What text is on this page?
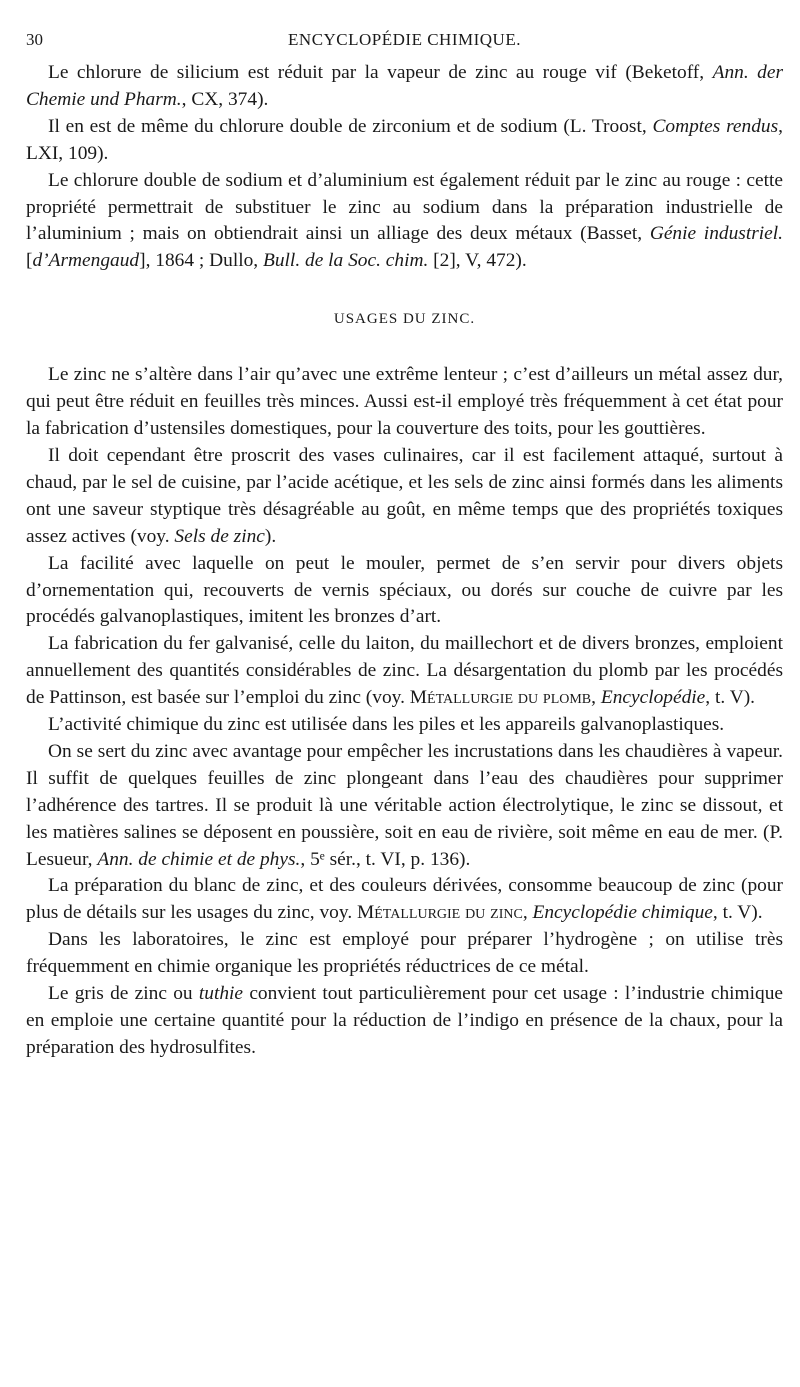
30	ENCYCLOPÉDIE CHIMIQUE.

Le chlorure de silicium est réduit par la vapeur de zinc au rouge vif (Beketoff, Ann. der Chemie und Pharm., CX, 374).

Il en est de même du chlorure double de zirconium et de sodium (L. Troost, Comptes rendus, LXI, 109).

Le chlorure double de sodium et d’aluminium est également réduit par le zinc au rouge : cette propriété permettrait de substituer le zinc au sodium dans la préparation industrielle de l’aluminium ; mais on obtiendrait ainsi un alliage des deux métaux (Basset, Génie industriel. [d’Armengaud], 1864 ; Dullo, Bull. de la Soc. chim. [2], V, 472).

USAGES DU ZINC.

Le zinc ne s’altère dans l’air qu’avec une extrême lenteur ; c’est d’ailleurs un métal assez dur, qui peut être réduit en feuilles très minces. Aussi est-il employé très fréquemment à cet état pour la fabrication d’ustensiles domestiques, pour la couverture des toits, pour les gouttières.

Il doit cependant être proscrit des vases culinaires, car il est facilement attaqué, surtout à chaud, par le sel de cuisine, par l’acide acétique, et les sels de zinc ainsi formés dans les aliments ont une saveur styptique très désagréable au goût, en même temps que des propriétés toxiques assez actives (voy. Sels de zinc).

La facilité avec laquelle on peut le mouler, permet de s’en servir pour divers objets d’ornementation qui, recouverts de vernis spéciaux, ou dorés sur couche de cuivre par les procédés galvanoplastiques, imitent les bronzes d’art.

La fabrication du fer galvanisé, celle du laiton, du maillechort et de divers bronzes, emploient annuellement des quantités considérables de zinc. La désargentation du plomb par les procédés de Pattinson, est basée sur l’emploi du zinc (voy. Métallurgie du plomb, Encyclopédie, t. V).

L’activité chimique du zinc est utilisée dans les piles et les appareils galvanoplastiques.

On se sert du zinc avec avantage pour empêcher les incrustations dans les chaudières à vapeur. Il suffit de quelques feuilles de zinc plongeant dans l’eau des chaudières pour supprimer l’adhérence des tartres. Il se produit là une véritable action électrolytique, le zinc se dissout, et les matières salines se déposent en poussière, soit en eau de rivière, soit même en eau de mer. (P. Lesueur, Ann. de chimie et de phys., 5ᵉ sér., t. VI, p. 136).

La préparation du blanc de zinc, et des couleurs dérivées, consomme beaucoup de zinc (pour plus de détails sur les usages du zinc, voy. Métallurgie du zinc, Encyclopédie chimique, t. V).

Dans les laboratoires, le zinc est employé pour préparer l’hydrogène ; on utilise très fréquemment en chimie organique les propriétés réductrices de ce métal.

Le gris de zinc ou tuthie convient tout particulièrement pour cet usage : l’industrie chimique en emploie une certaine quantité pour la réduction de l’indigo en présence de la chaux, pour la préparation des hydrosulfites.
